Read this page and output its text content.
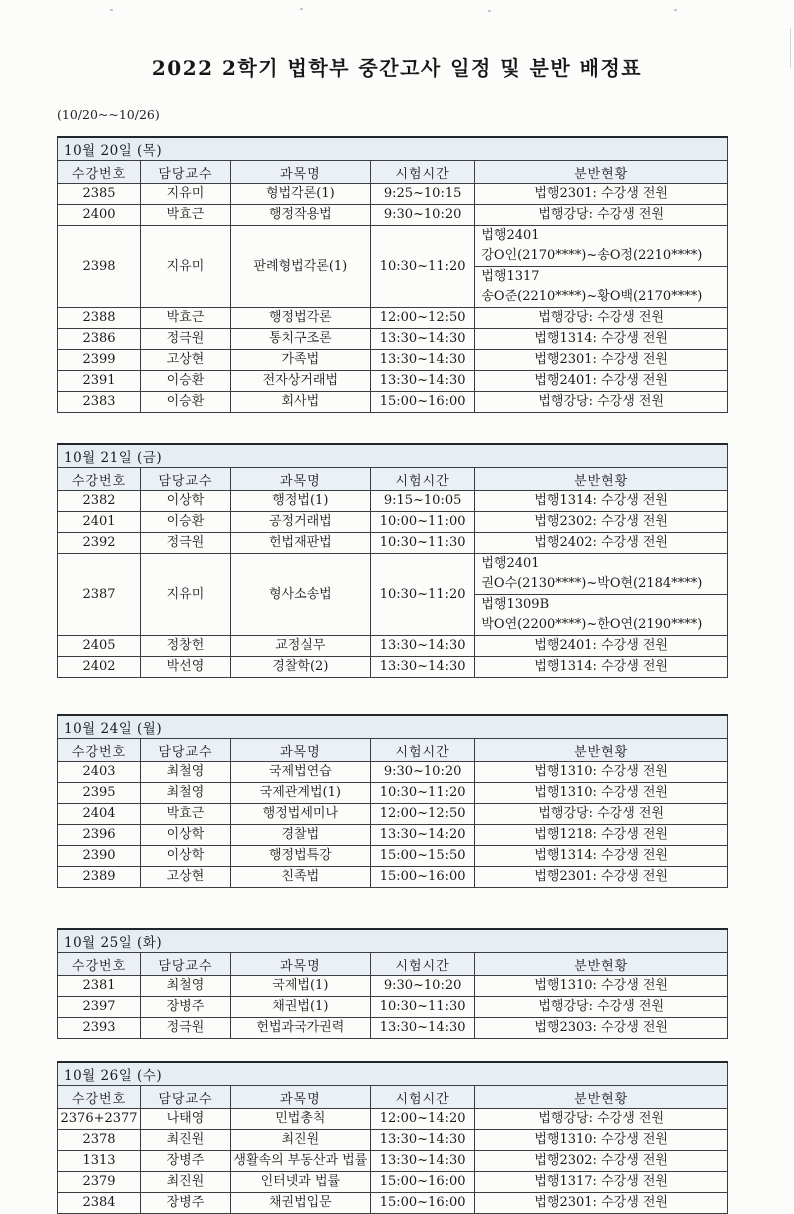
2022 2학기 법학부 중간고사 일정 및 분반 배정표
(10/20~~10/26)
10월 20일 (목)				
수강번호	담당교수	과목명	시험시간	분반현황
2385	지유미	형법각론(1)	9:25~10:15	법행2301: 수강생 전원
2400	박효근	행정작용법	9:30~10:20	법행강당: 수강생 전원
2398	지유미	판례형법각론(1)	10:30~11:20	법행2401
강O인(2170****)~송O정(2210****)
법행1317
송O준(2210****)~황O백(2170****)

2388	박효근	행정법각론	12:00~12:50	법행강당: 수강생 전원
2386	정극원	통치구조론	13:30~14:30	법행1314: 수강생 전원
2399	고상현	가족법	13:30~14:30	법행2301: 수강생 전원
2391	이승환	전자상거래법	13:30~14:30	법행2401: 수강생 전원
2383	이승환	회사법	15:00~16:00	법행강당: 수강생 전원
10월 21일 (금)				
수강번호	담당교수	과목명	시험시간	분반현황
2382	이상학	행정법(1)	9:15~10:05	법행1314: 수강생 전원
2401	이승환	공정거래법	10:00~11:00	법행2302: 수강생 전원
2392	정극원	헌법재판법	10:30~11:30	법행2402: 수강생 전원
2387	지유미	형사소송법	10:30~11:20	법행2401
권O수(2130****)~박O현(2184****)
법행1309B
박O연(2200****)~한O연(2190****)

2405	정창헌	교정실무	13:30~14:30	법행2401: 수강생 전원
2402	박선영	경찰학(2)	13:30~14:30	법행1314: 수강생 전원
10월 24일 (월)				
수강번호	담당교수	과목명	시험시간	분반현황
2403	최철영	국제법연습	9:30~10:20	법행1310: 수강생 전원
2395	최철영	국제관계법(1)	10:30~11:20	법행1310: 수강생 전원
2404	박효근	행정법세미나	12:00~12:50	법행강당: 수강생 전원
2396	이상학	경찰법	13:30~14:20	법행1218: 수강생 전원
2390	이상학	행정법특강	15:00~15:50	법행1314: 수강생 전원
2389	고상현	친족법	15:00~16:00	법행2301: 수강생 전원
10월 25일 (화)				
수강번호	담당교수	과목명	시험시간	분반현황
2381	최철영	국제법(1)	9:30~10:20	법행1310: 수강생 전원
2397	장병주	채권법(1)	10:30~11:30	법행강당: 수강생 전원
2393	정극원	헌법과국가권력	13:30~14:30	법행2303: 수강생 전원
10월 26일 (수)				
수강번호	담당교수	과목명	시험시간	분반현황
2376+2377	나태영	민법총칙	12:00~14:20	법행강당: 수강생 전원
2378	최진원	최진원	13:30~14:30	법행1310: 수강생 전원
1313	장병주	생활속의 부동산과 법률	13:30~14:30	법행2302: 수강생 전원
2379	최진원	인터넷과 법률	15:00~16:00	법행1317: 수강생 전원
2384	장병주	채권법입문	15:00~16:00	법행2301: 수강생 전원
